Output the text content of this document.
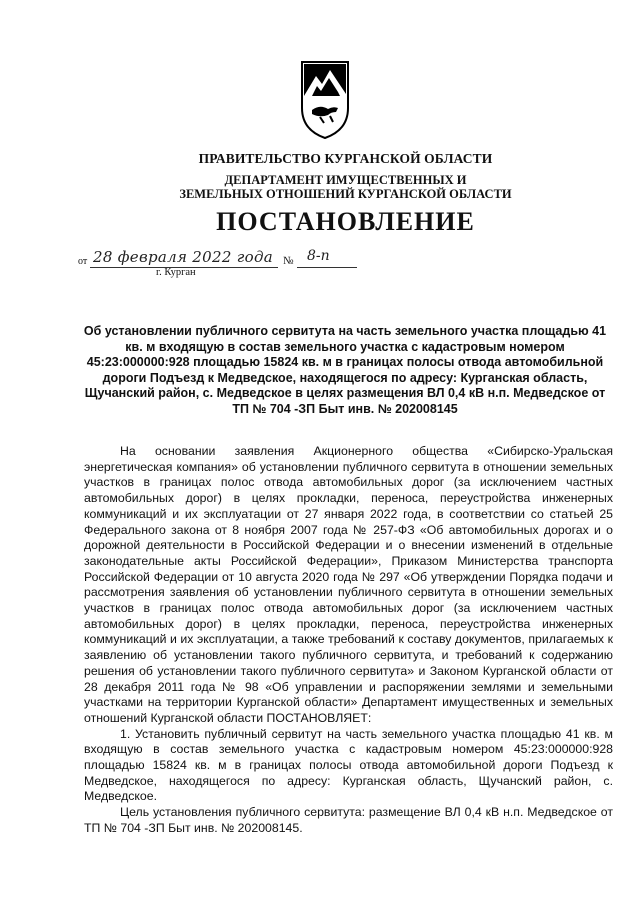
ПРАВИТЕЛЬСТВО КУРГАНСКОЙ ОБЛАСТИ
ДЕПАРТАМЕНТ ИМУЩЕСТВЕННЫХ И
ЗЕМЕЛЬНЫХ ОТНОШЕНИЙ КУРГАНСКОЙ ОБЛАСТИ
ПОСТАНОВЛЕНИЕ
от 28 февраля 2022 года № 8-п
г. Курган
Об установлении публичного сервитута на часть земельного участка площадью 41 кв. м входящую в состав земельного участка с кадастровым номером 45:23:000000:928 площадью 15824 кв. м в границах полосы отвода автомобильной дороги Подъезд к Медведское, находящегося по адресу: Курганская область, Щучанский район, с. Медведское в целях размещения ВЛ 0,4 кВ н.п. Медведское от ТП № 704 -ЗП Быт инв. № 202008145

На основании заявления Акционерного общества «Сибирско-Уральская энергетическая компания» об установлении публичного сервитута в отношении земельных участков в границах полос отвода автомобильных дорог (за исключением частных автомобильных дорог) в целях прокладки, переноса, переустройства инженерных коммуникаций и их эксплуатации от 27 января 2022 года, в соответствии со статьей 25 Федерального закона от 8 ноября 2007 года № 257-ФЗ «Об автомобильных дорогах и о дорожной деятельности в Российской Федерации и о внесении изменений в отдельные законодательные акты Российской Федерации», Приказом Министерства транспорта Российской Федерации от 10 августа 2020 года № 297 «Об утверждении Порядка подачи и рассмотрения заявления об установлении публичного сервитута в отношении земельных участков в границах полос отвода автомобильных дорог (за исключением частных автомобильных дорог) в целях прокладки, переноса, переустройства инженерных коммуникаций и их эксплуатации, а также требований к составу документов, прилагаемых к заявлению об установлении такого публичного сервитута, и требований к содержанию решения об установлении такого публичного сервитута» и Законом Курганской области от 28 декабря 2011 года № 98 «Об управлении и распоряжении землями и земельными участками на территории Курганской области» Департамент имущественных и земельных отношений Курганской области ПОСТАНОВЛЯЕТ:

1. Установить публичный сервитут на часть земельного участка площадью 41 кв. м входящую в состав земельного участка с кадастровым номером 45:23:000000:928 площадью 15824 кв. м в границах полосы отвода автомобильной дороги Подъезд к Медведское, находящегося по адресу: Курганская область, Щучанский район, с. Медведское.

Цель установления публичного сервитута: размещение ВЛ 0,4 кВ н.п. Медведское от ТП № 704 -ЗП Быт инв. № 202008145.
